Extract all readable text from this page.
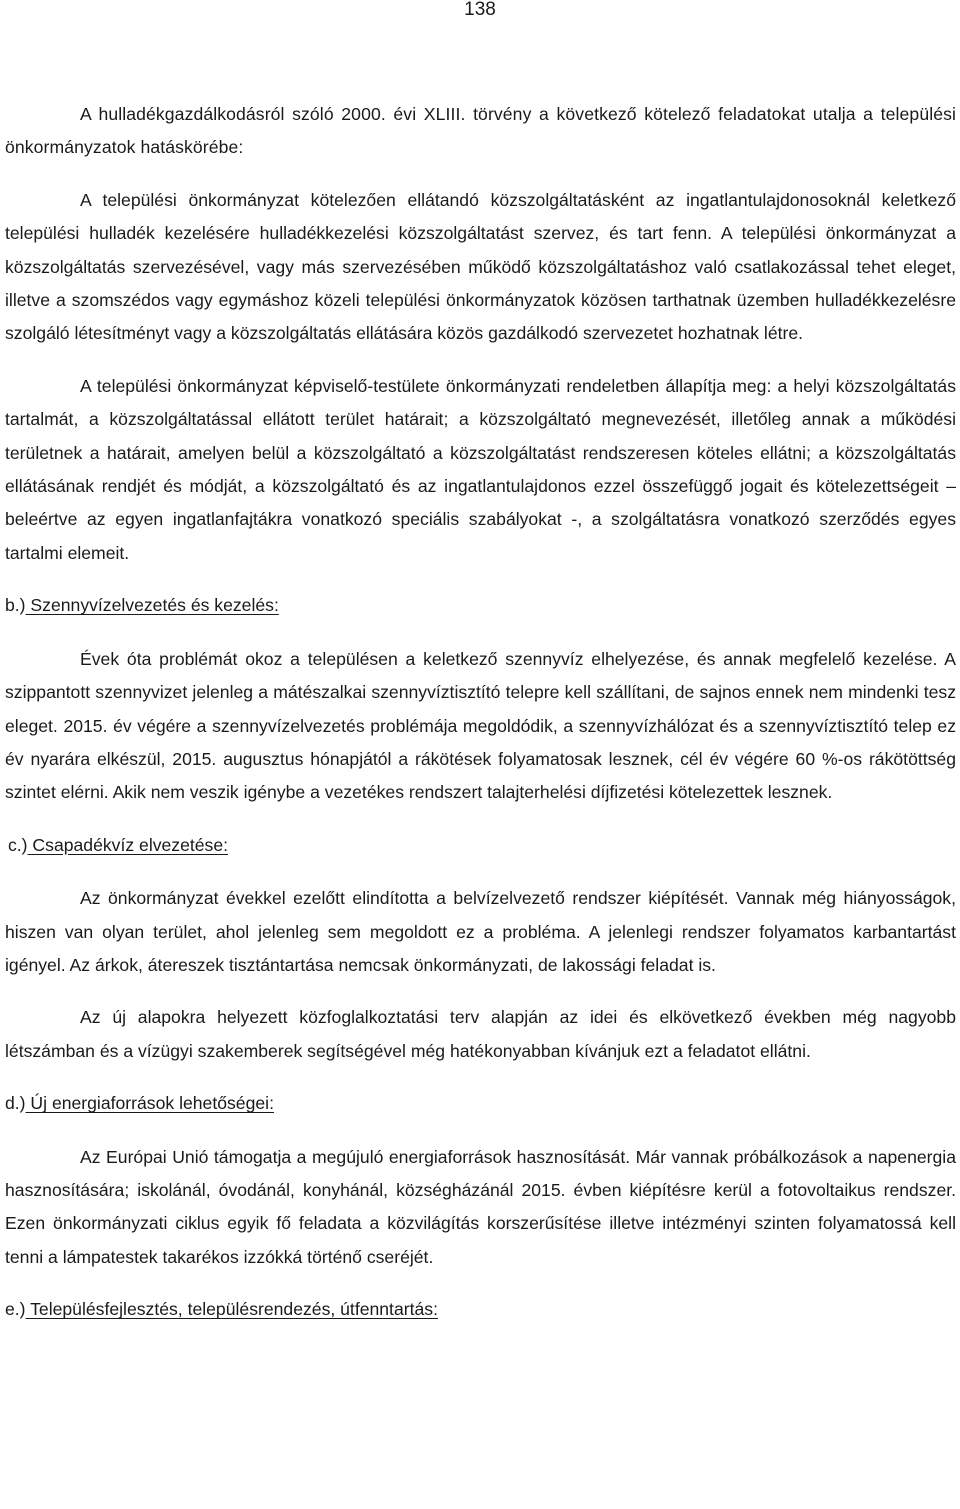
138

A hulladékgazdálkodásról szóló 2000. évi XLIII. törvény a következő kötelező feladatokat utalja a települési önkormányzatok hatáskörébe:

A települési önkormányzat kötelezően ellátandó közszolgáltatásként az ingatlantulajdonosoknál keletkező települési hulladék kezelésére hulladékkezelési közszolgáltatást szervez, és tart fenn. A települési önkormányzat a közszolgáltatás szervezésével, vagy más szervezésében működő közszolgáltatáshoz való csatlakozással tehet eleget, illetve a szomszédos vagy egymáshoz közeli települési önkormányzatok közösen tarthatnak üzemben hulladékkezelésre szolgáló létesítményt vagy a közszolgáltatás ellátására közös gazdálkodó szervezetet hozhatnak létre.

A települési önkormányzat képviselő-testülete önkormányzati rendeletben állapítja meg: a helyi közszolgáltatás tartalmát, a közszolgáltatással ellátott terület határait; a közszolgáltató megnevezését, illetőleg annak a működési területnek a határait, amelyen belül a közszolgáltató a közszolgáltatást rendszeresen köteles ellátni; a közszolgáltatás ellátásának rendjét és módját, a közszolgáltató és az ingatlantulajdonos ezzel összefüggő jogait és kötelezettségeit – beleértve az egyen ingatlanfajtákra vonatkozó speciális szabályokat -, a szolgáltatásra vonatkozó szerződés egyes tartalmi elemeit.

b.) Szennyvízelvezetés és kezelés:

Évek óta problémát okoz a településen a keletkező szennyvíz elhelyezése, és annak megfelelő kezelése. A szippantott szennyvizet jelenleg a mátészalkai szennyvíztisztító telepre kell szállítani, de sajnos ennek nem mindenki tesz eleget. 2015. év végére a szennyvízelvezetés problémája megoldódik, a szennyvízhálózat és a szennyvíztisztító telep ez év nyarára elkészül, 2015. augusztus hónapjától a rákötések folyamatosak lesznek, cél év végére 60 %-os rákötöttség szintet elérni. Akik nem veszik igénybe a vezetékes rendszert talajterhelési díjfizetési kötelezettek lesznek.

c.) Csapadékvíz elvezetése:

Az önkormányzat évekkel ezelőtt elindította a belvízelvezető rendszer kiépítését. Vannak még hiányosságok, hiszen van olyan terület, ahol jelenleg sem megoldott ez a probléma. A jelenlegi rendszer folyamatos karbantartást igényel. Az árkok, átereszek tisztántartása nemcsak önkormányzati, de lakossági feladat is.

Az új alapokra helyezett közfoglalkoztatási terv alapján az idei és elkövetkező években még nagyobb létszámban és a vízügyi szakemberek segítségével még hatékonyabban kívánjuk ezt a feladatot ellátni.

d.) Új energiaforrások lehetőségei:

Az Európai Unió támogatja a megújuló energiaforrások hasznosítását. Már vannak próbálkozások a napenergia hasznosítására; iskolánál, óvodánál, konyhánál, községházánál 2015. évben kiépítésre kerül a fotovoltaikus rendszer. Ezen önkormányzati ciklus egyik fő feladata a közvilágítás korszerűsítése illetve intézményi szinten folyamatossá kell tenni a lámpatestek takarékos izzókká történő cseréjét.

e.) Településfejlesztés, településrendezés, útfenntartás:
